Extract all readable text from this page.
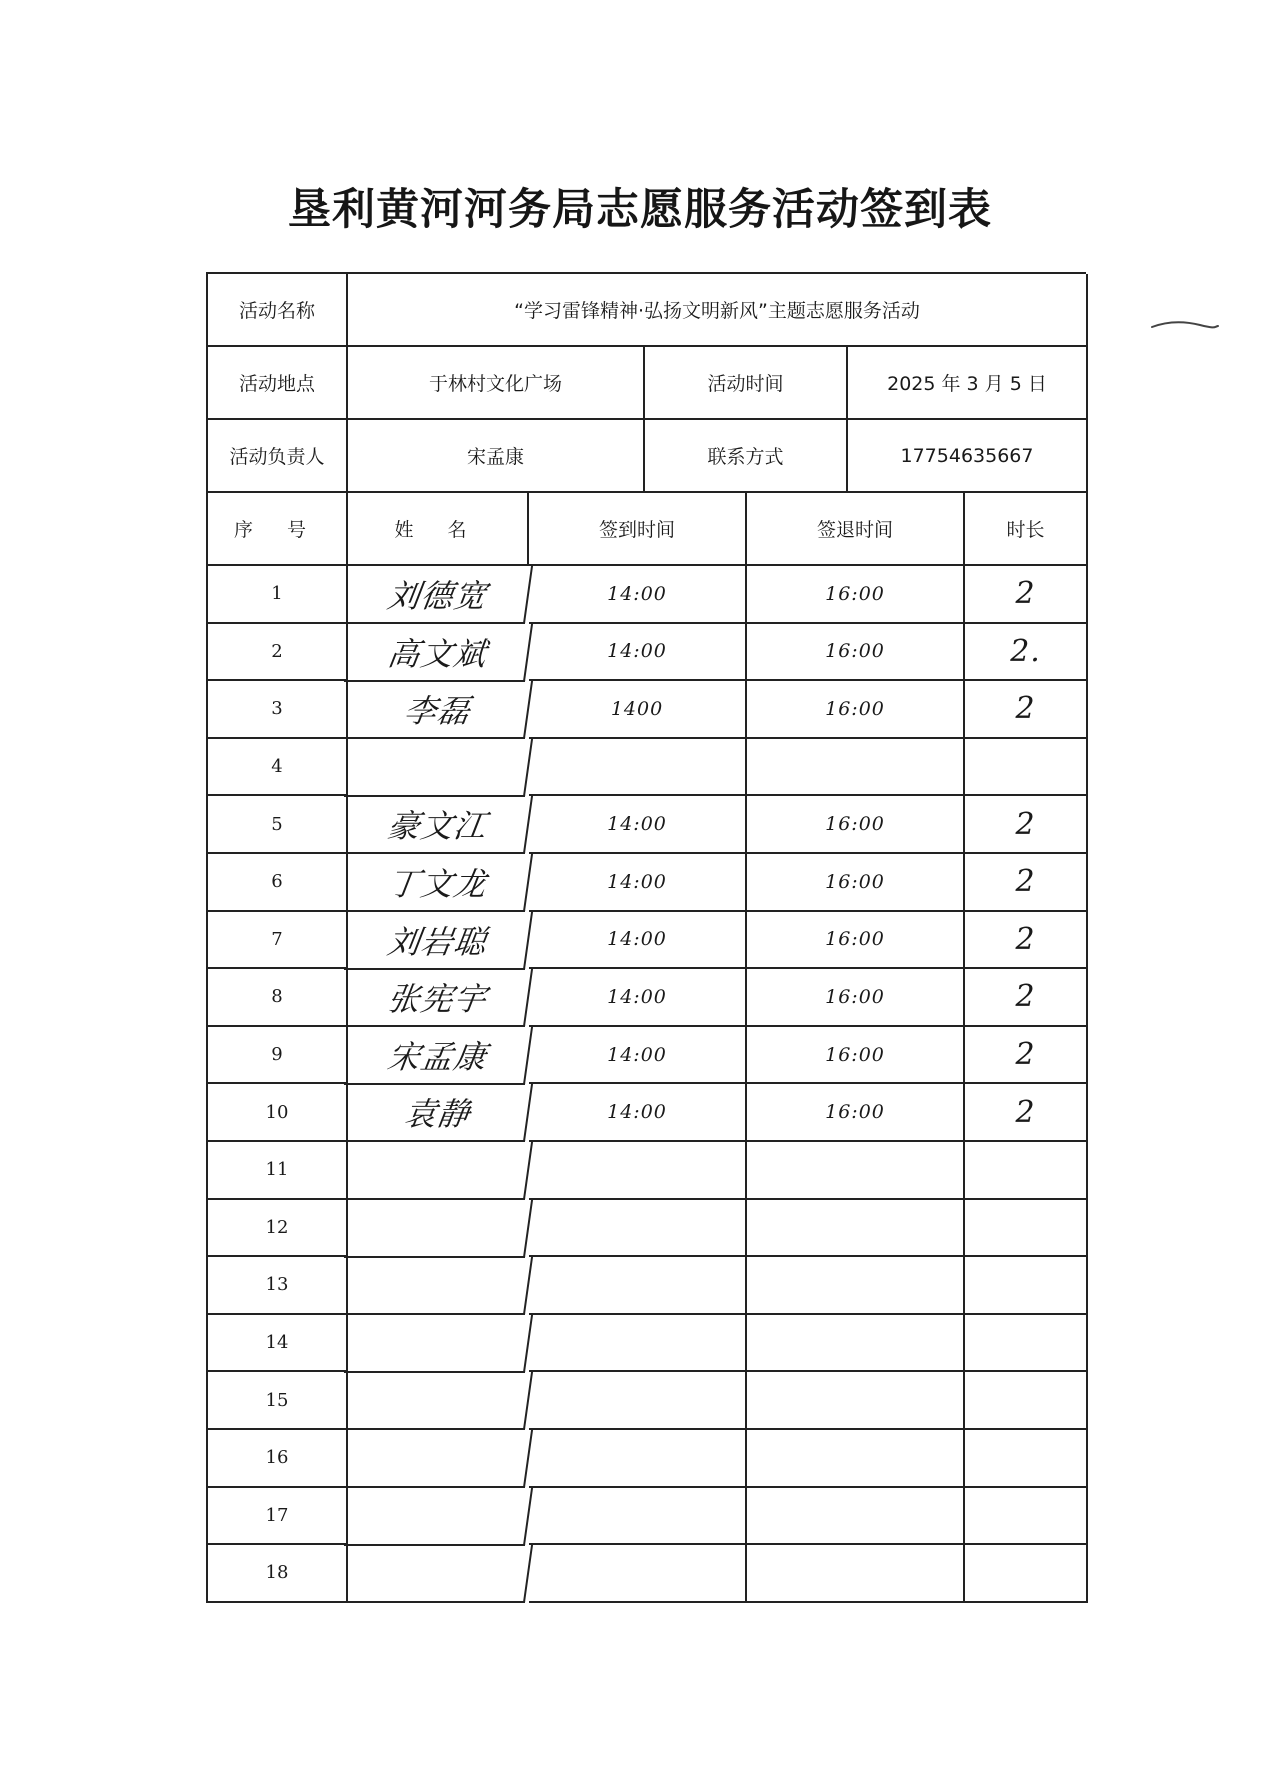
垦利黄河河务局志愿服务活动签到表
活动名称	“学习雷锋精神·弘扬文明新风”主题志愿服务活动
活动地点	于林村文化广场	活动时间	2025 年 3 月 5 日
活动负责人	宋孟康	联系方式	17754635667
序 号	姓 名	签到时间	签退时间	时长
1	刘德宽	14:00	16:00	2
2	高文斌	14:00	16:00	2.
3	李磊	1400	16:00	2
4
5	豪文江	14:00	16:00	2
6	丁文龙	14:00	16:00	2
7	刘岩聪	14:00	16:00	2
8	张宪宇	14:00	16:00	2
9	宋孟康	14:00	16:00	2
10	袁静	14:00	16:00	2
11
12
13
14
15
16
17
18
